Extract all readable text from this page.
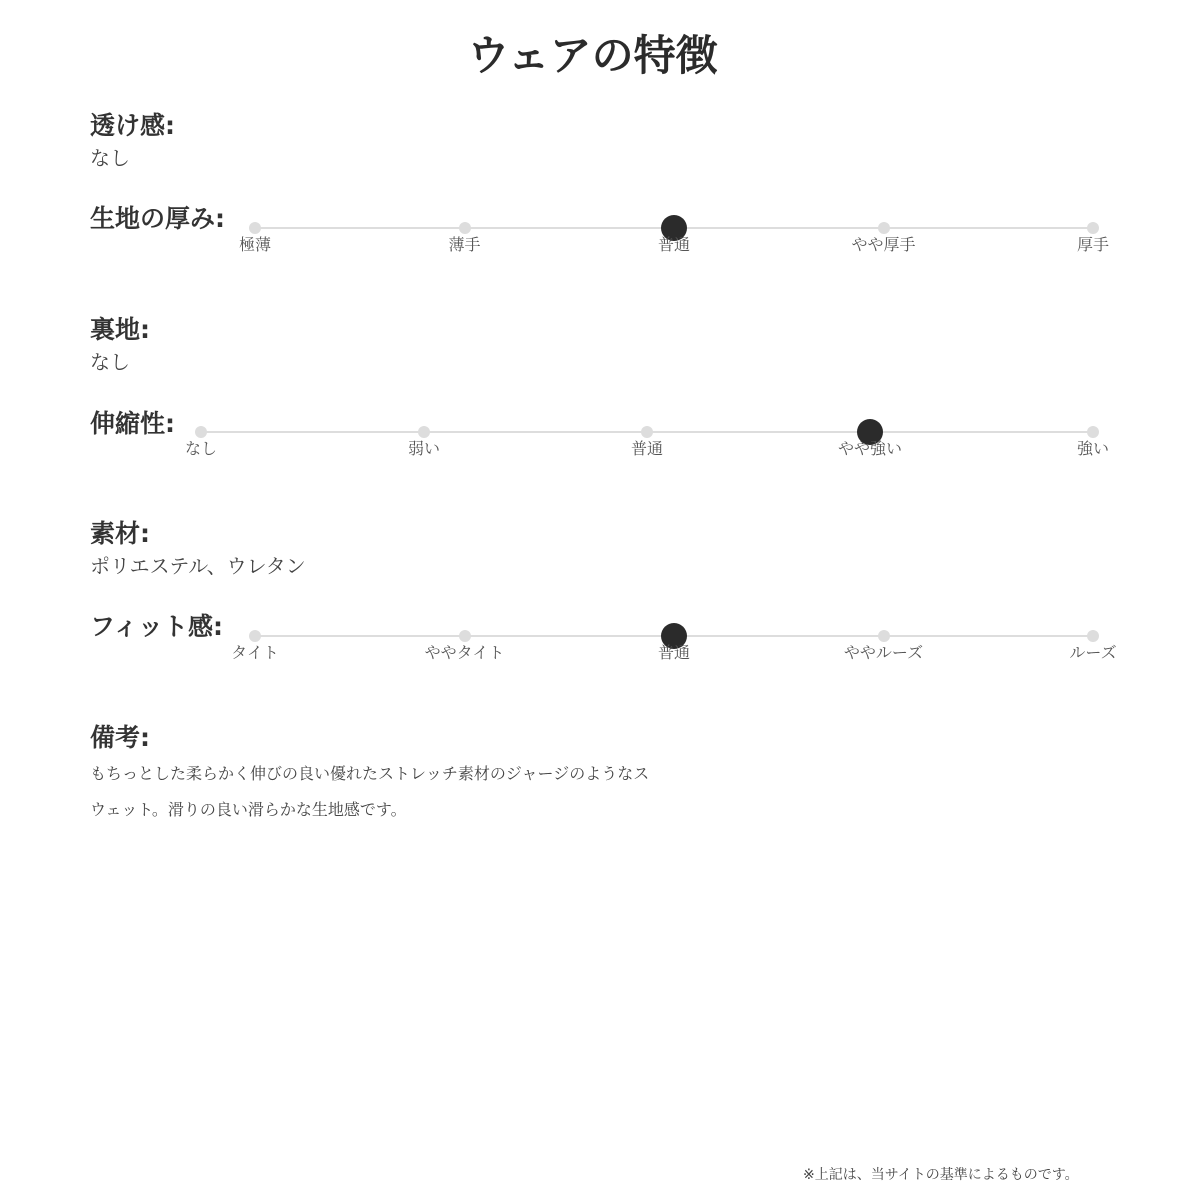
ウェアの特徴
透け感:
なし
生地の厚み:
極薄	薄手	普通	やや厚手	厚手
裏地:
なし
伸縮性:
なし	弱い	普通	やや強い	強い
素材:
ポリエステル、ウレタン
フィット感:
タイト	ややタイト	普通	ややルーズ	ルーズ
備考:
もちっとした柔らかく伸びの良い優れたストレッチ素材のジャージのようなス
ウェット。滑りの良い滑らかな生地感です。
※上記は、当サイトの基準によるものです。
